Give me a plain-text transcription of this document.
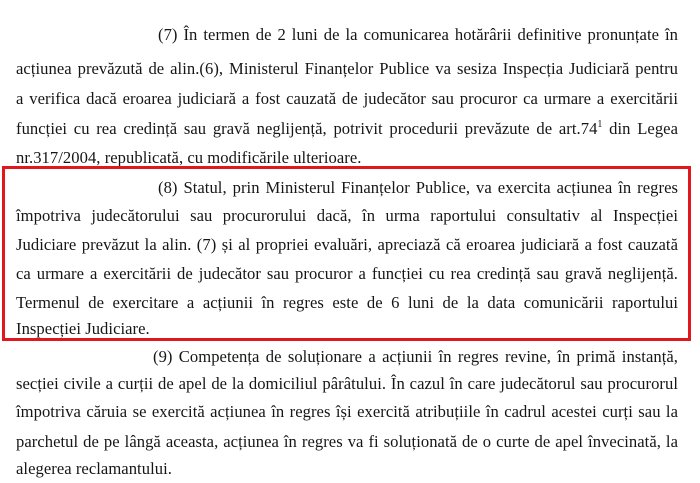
(7) În termen de 2 luni de la comunicarea hotărârii definitive pronunțate în
acțiunea prevăzută de alin.(6), Ministerul Finanțelor Publice va sesiza Inspecția Judiciară pentru
a verifica dacă eroarea judiciară a fost cauzată de judecător sau procuror ca urmare a exercitării
funcției cu rea credință sau gravă neglijență, potrivit procedurii prevăzute de $art.74^1$ din Legea
nr.317/2004, republicată, cu modificările ulterioare.
(8) Statul, prin Ministerul Finanțelor Publice, va exercita acțiunea în regres
împotriva judecătorului sau procurorului dacă, în urma raportului consultativ al Inspecției
Judiciare prevăzut la alin. (7) și al propriei evaluări, apreciază că eroarea judiciară a fost cauzată
ca urmare a exercitării de judecător sau procuror a funcției cu rea credință sau gravă neglijență.
Termenul de exercitare a acțiunii în regres este de 6 luni de la data comunicării raportului
Inspecției Judiciare.
(9) Competența de soluționare a acțiunii în regres revine, în primă instanță,
secției civile a curții de apel de la domiciliul pârâtului. În cazul în care judecătorul sau procurorul
împotriva căruia se exercită acțiunea în regres își exercită atribuțiile în cadrul acestei curți sau la
parchetul de pe lângă aceasta, acțiunea în regres va fi soluționată de o curte de apel învecinată, la
alegerea reclamantului.
